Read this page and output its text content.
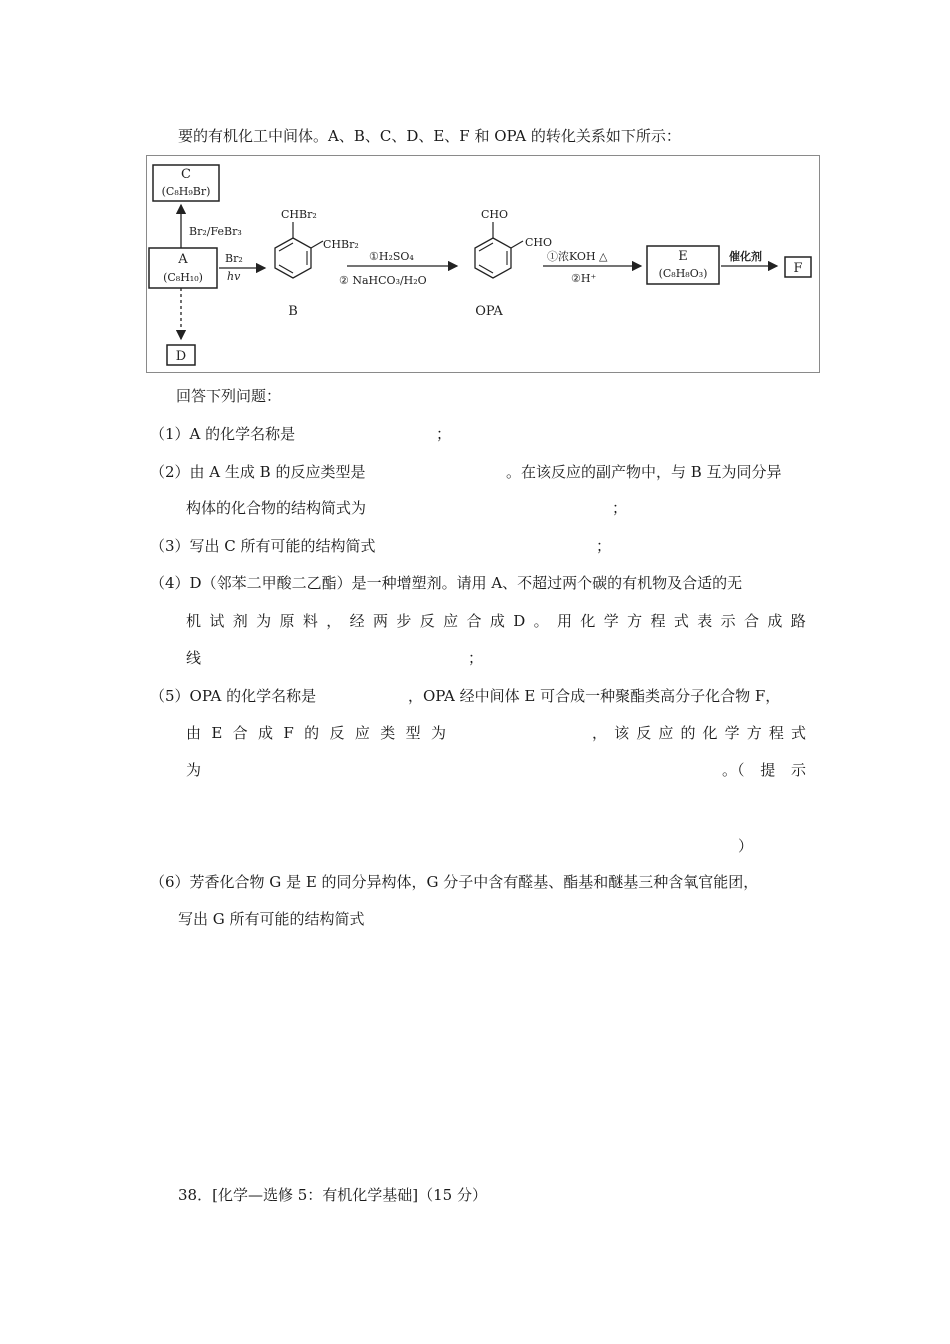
要的有机化工中间体。A、B、C、D、E、F 和 OPA 的转化关系如下所示：
C
(C₈H₉Br)
Br₂/FeBr₃
A
(C₈H₁₀)
D
Br₂
hv
CHBr₂
CHBr₂
B
①H₂SO₄
② NaHCO₃/H₂O
CHO
CHO
OPA
①浓KOH △
②H⁺
E
(C₈H₈O₃)
催化剂
F
回答下列问题：
（1）A 的化学名称是	；
（2）由 A 生成 B 的反应类型是	。在该反应的副产物中，与 B 互为同分异
构体的化合物的结构简式为	；
（3）写出 C 所有可能的结构简式	；
（4）D（邻苯二甲酸二乙酯）是一种增塑剂。请用 A、不超过两个碳的有机物及合适的无
机 试 剂 为 原 料 ， 经 两 步 反 应 合 成 D 。 用 化 学 方 程 式 表 示 合 成 路
线	；
（5）OPA 的化学名称是	，OPA 经中间体 E 可合成一种聚酯类高分子化合物 F，
由 E 合 成 F 的 反 应 类 型 为	， 该 反 应 的 化 学 方 程 式
为	。（ 提 示
）
（6）芳香化合物 G 是 E 的同分异构体，G 分子中含有醛基、酯基和醚基三种含氧官能团，
写出 G 所有可能的结构简式
38．[化学—选修 5：有机化学基础]（15 分）
